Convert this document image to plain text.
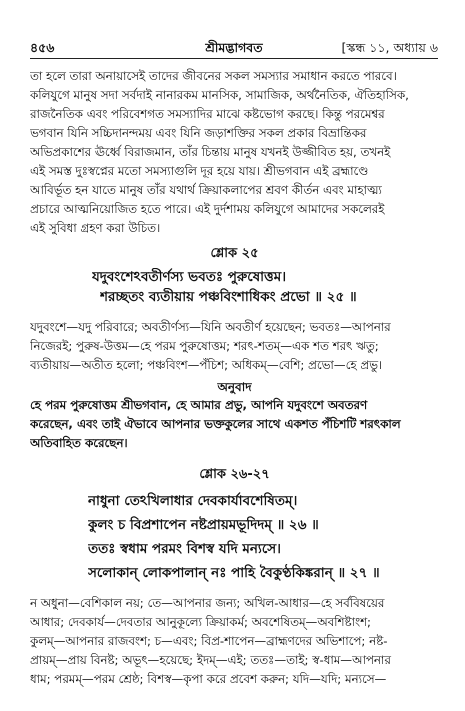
৪৫৬	শ্রীমদ্ভাগবত	[স্কন্ধ ১১, অধ্যায় ৬
তা হলে তারা অনায়াসেই তাদের জীবনের সকল সমস্যার সমাধান করতে পারবে।
কলিযুগে মানুষ সদা সর্বদাই নানারকম মানসিক, সামাজিক, অর্থনৈতিক, ঐতিহাসিক,
রাজনৈতিক এবং পরিবেশগত সমস্যাদির মাঝে কষ্টভোগ করছে। কিন্তু পরমেশ্বর
ভগবান যিনি সচ্চিদানন্দময় এবং যিনি জড়াশক্তির সকল প্রকার বিভ্রান্তিকর
অভিপ্রকাশের ঊর্ধ্বে বিরাজমান, তাঁর চিন্তায় মানুষ যখনই উজ্জীবিত হয়, তখনই
এই সমস্ত দুঃস্বপ্নের মতো সমস্যাগুলি দূর হয়ে যায়। শ্রীভগবান এই ব্রহ্মাণ্ডে
আবির্ভূত হন যাতে মানুষ তাঁর যথার্থ ক্রিয়াকলাপের শ্রবণ কীর্তন এবং মাহাত্ম্য
প্রচারে আত্মনিয়োজিত হতে পারে। এই দুর্দশাময় কলিযুগে আমাদের সকলেরই
এই সুবিধা গ্রহণ করা উচিত।
শ্লোক ২৫
যদুবংশেঽবতীর্ণস্য ভবতঃ পুরুষোত্তম।
শরচ্ছতং ব্যতীয়ায় পঞ্চবিংশাধিকং প্রভো ॥ ২৫ ॥
যদুবংশে—যদু পরিবারে; অবতীর্ণস্য—যিনি অবতীর্ণ হয়েছেন; ভবতঃ—আপনার
নিজেরই; পুরুষ-উত্তম—হে পরম পুরুষোত্তম; শরৎ-শতম্—এক শত শরৎ ঋতু;
ব্যতীয়ায়—অতীত হলো; পঞ্চবিংশ—পঁচিশ; অধিকম্—বেশি; প্রভো—হে প্রভু।
অনুবাদ
হে পরম পুরুষোত্তম শ্রীভগবান, হে আমার প্রভু, আপনি যদুবংশে অবতরণ
করেছেন, এবং তাই ঐভাবে আপনার ভক্তকুলের সাথে একশত পঁচিশটি শরৎকাল
অতিবাহিত করেছেন।
শ্লোক ২৬-২৭
নাধুনা তেঽখিলাধার দেবকার্যাবশেষিতম্।
কুলং চ বিপ্রশাপেন নষ্টপ্রায়মভূদিদম্ ॥ ২৬ ॥
ততঃ স্বধাম পরমং বিশস্ব যদি মন্যসে।
সলোকান্ লোকপালান্ নঃ পাহি বৈকুণ্ঠকিঙ্করান্ ॥ ২৭ ॥
ন অধুনা—বেশিকাল নয়; তে—আপনার জন্য; অখিল-আধার—হে সর্ববিষয়ের
আধার; দেবকার্য—দেবতার আনুকূল্যে ক্রিয়াকর্ম; অবশেষিতম্—অবশিষ্টাংশ;
কুলম্—আপনার রাজবংশ; চ—এবং; বিপ্র-শাপেন—ব্রাহ্মণদের অভিশাপে; নষ্ট-
প্রায়ম্—প্রায় বিনষ্ট; অভূৎ—হয়েছে; ইদম্—এই; ততঃ—তাই; স্ব-ধাম—আপনার
ধাম; পরমম্—পরম শ্রেষ্ঠ; বিশস্ব—কৃপা করে প্রবেশ করুন; যদি—যদি; মন্যসে—
